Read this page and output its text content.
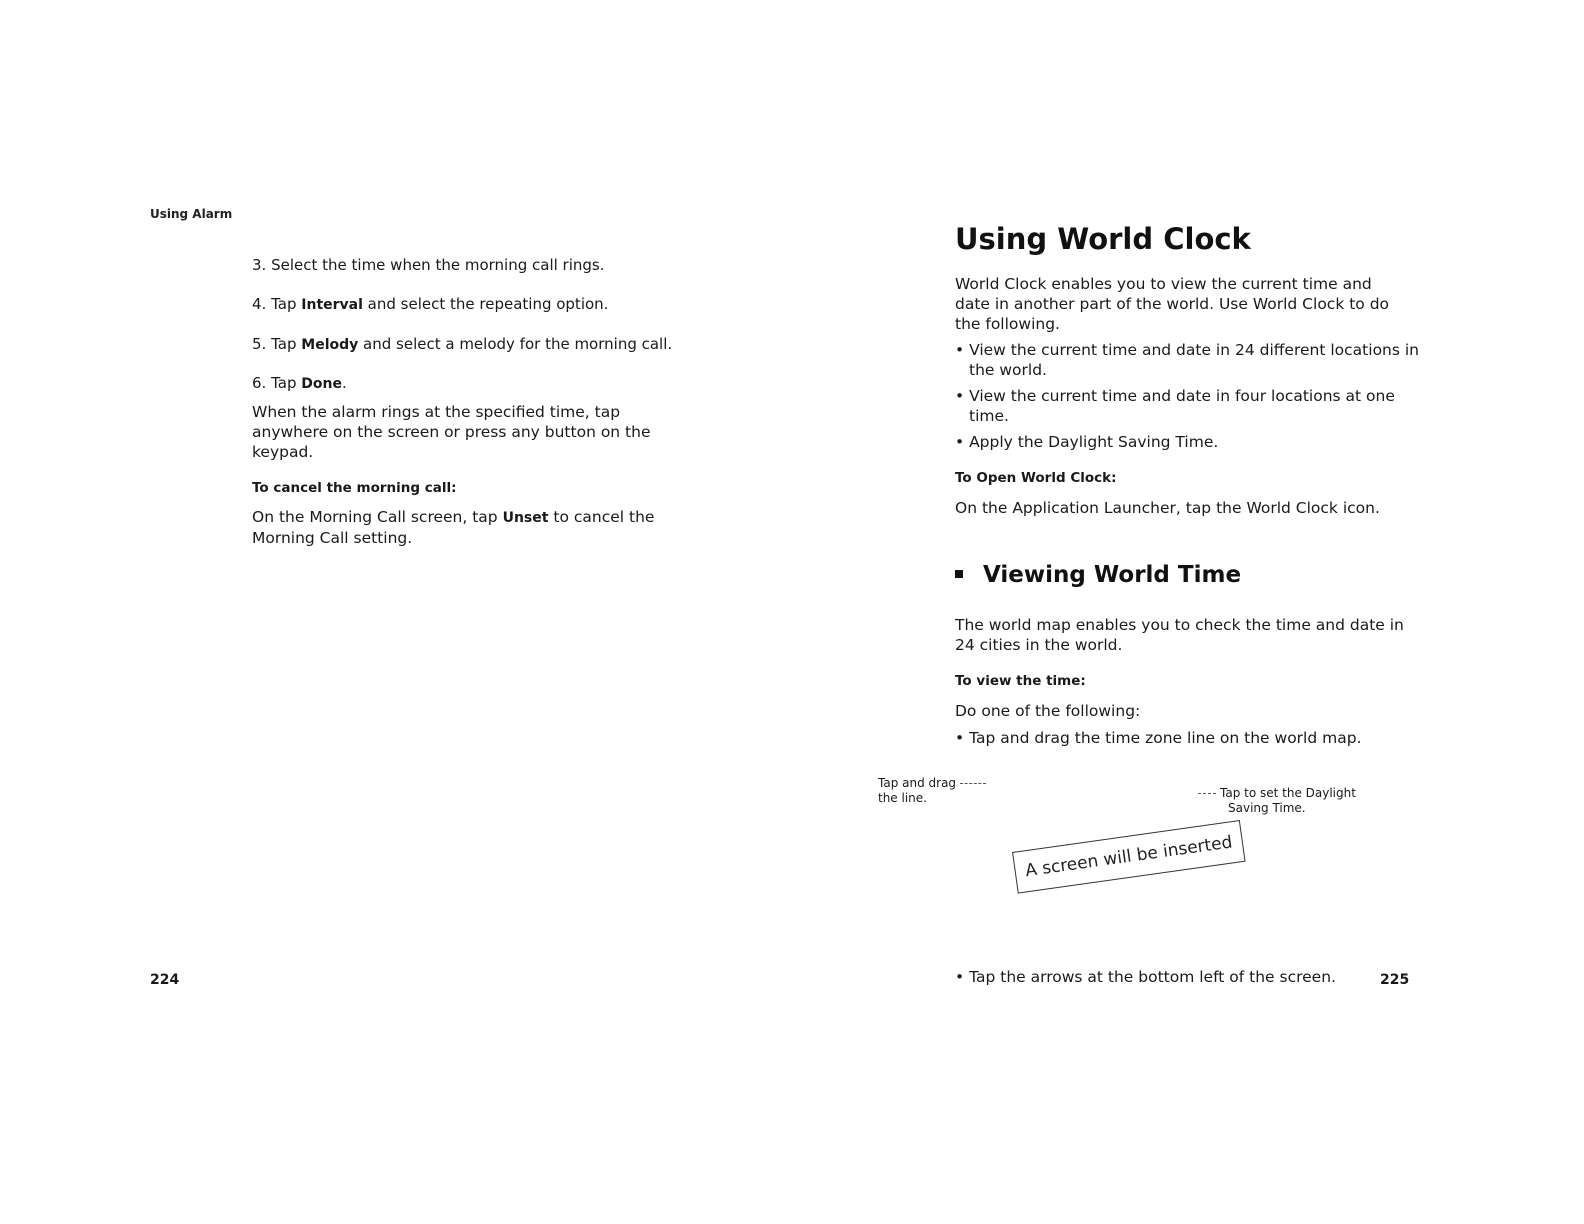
Using Alarm
3. Select the time when the morning call rings.
4. Tap Interval and select the repeating option.
5. Tap Melody and select a melody for the morning call.
6. Tap Done.
When the alarm rings at the specified time, tap anywhere on the screen or press any button on the keypad.
To cancel the morning call:
On the Morning Call screen, tap Unset to cancel the Morning Call setting.
224
Using World Clock
World Clock enables you to view the current time and date in another part of the world. Use World Clock to do the following.
• View the current time and date in 24 different locations in the world.
• View the current time and date in four locations at one time.
• Apply the Daylight Saving Time.
To Open World Clock:
On the Application Launcher, tap the World Clock icon.
Viewing World Time
The world map enables you to check the time and date in 24 cities in the world.
To view the time:
Do one of the following:
• Tap and drag the time zone line on the world map.
Tap and drag
the line.	Tap to set the Daylight
Saving Time.
A screen will be inserted
• Tap the arrows at the bottom left of the screen.	225
